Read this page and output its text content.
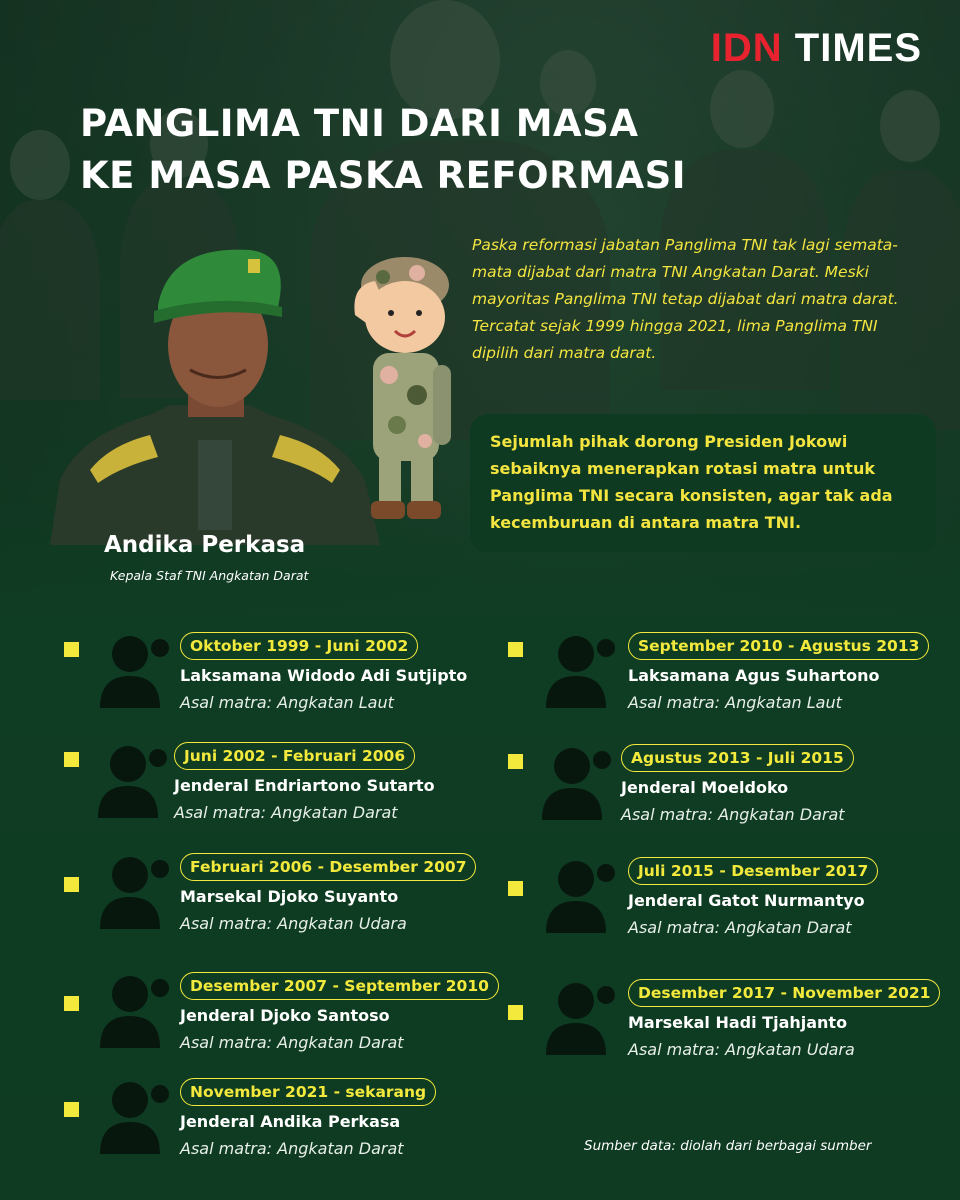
IDN TIMES
PANGLIMA TNI DARI MASA
KE MASA PASKA REFORMASI

Paska reformasi jabatan Panglima TNI tak lagi semata-mata dijabat dari matra TNI Angkatan Darat. Meski mayoritas Panglima TNI tetap dijabat dari matra darat. Tercatat sejak 1999 hingga 2021, lima Panglima TNI dipilih dari matra darat.

Sejumlah pihak dorong Presiden Jokowi sebaiknya menerapkan rotasi matra untuk Panglima TNI secara konsisten, agar tak ada kecemburuan di antara matra TNI.

Andika Perkasa
Kepala Staf TNI Angkatan Darat
Oktober 1999 - Juni 2002
Laksamana Widodo Adi Sutjipto
Asal matra: Angkatan Laut
Juni 2002 - Februari 2006
Jenderal Endriartono Sutarto
Asal matra: Angkatan Darat
Februari 2006 - Desember 2007
Marsekal Djoko Suyanto
Asal matra: Angkatan Udara
Desember 2007 - September 2010
Jenderal Djoko Santoso
Asal matra: Angkatan Darat
November 2021 - sekarang
Jenderal Andika Perkasa
Asal matra: Angkatan Darat
September 2010 - Agustus 2013
Laksamana Agus Suhartono
Asal matra: Angkatan Laut
Agustus 2013 - Juli 2015
Jenderal Moeldoko
Asal matra: Angkatan Darat
Juli 2015 - Desember 2017
Jenderal Gatot Nurmantyo
Asal matra: Angkatan Darat
Desember 2017 - November 2021
Marsekal Hadi Tjahjanto
Asal matra: Angkatan Udara
Sumber data: diolah dari berbagai sumber
